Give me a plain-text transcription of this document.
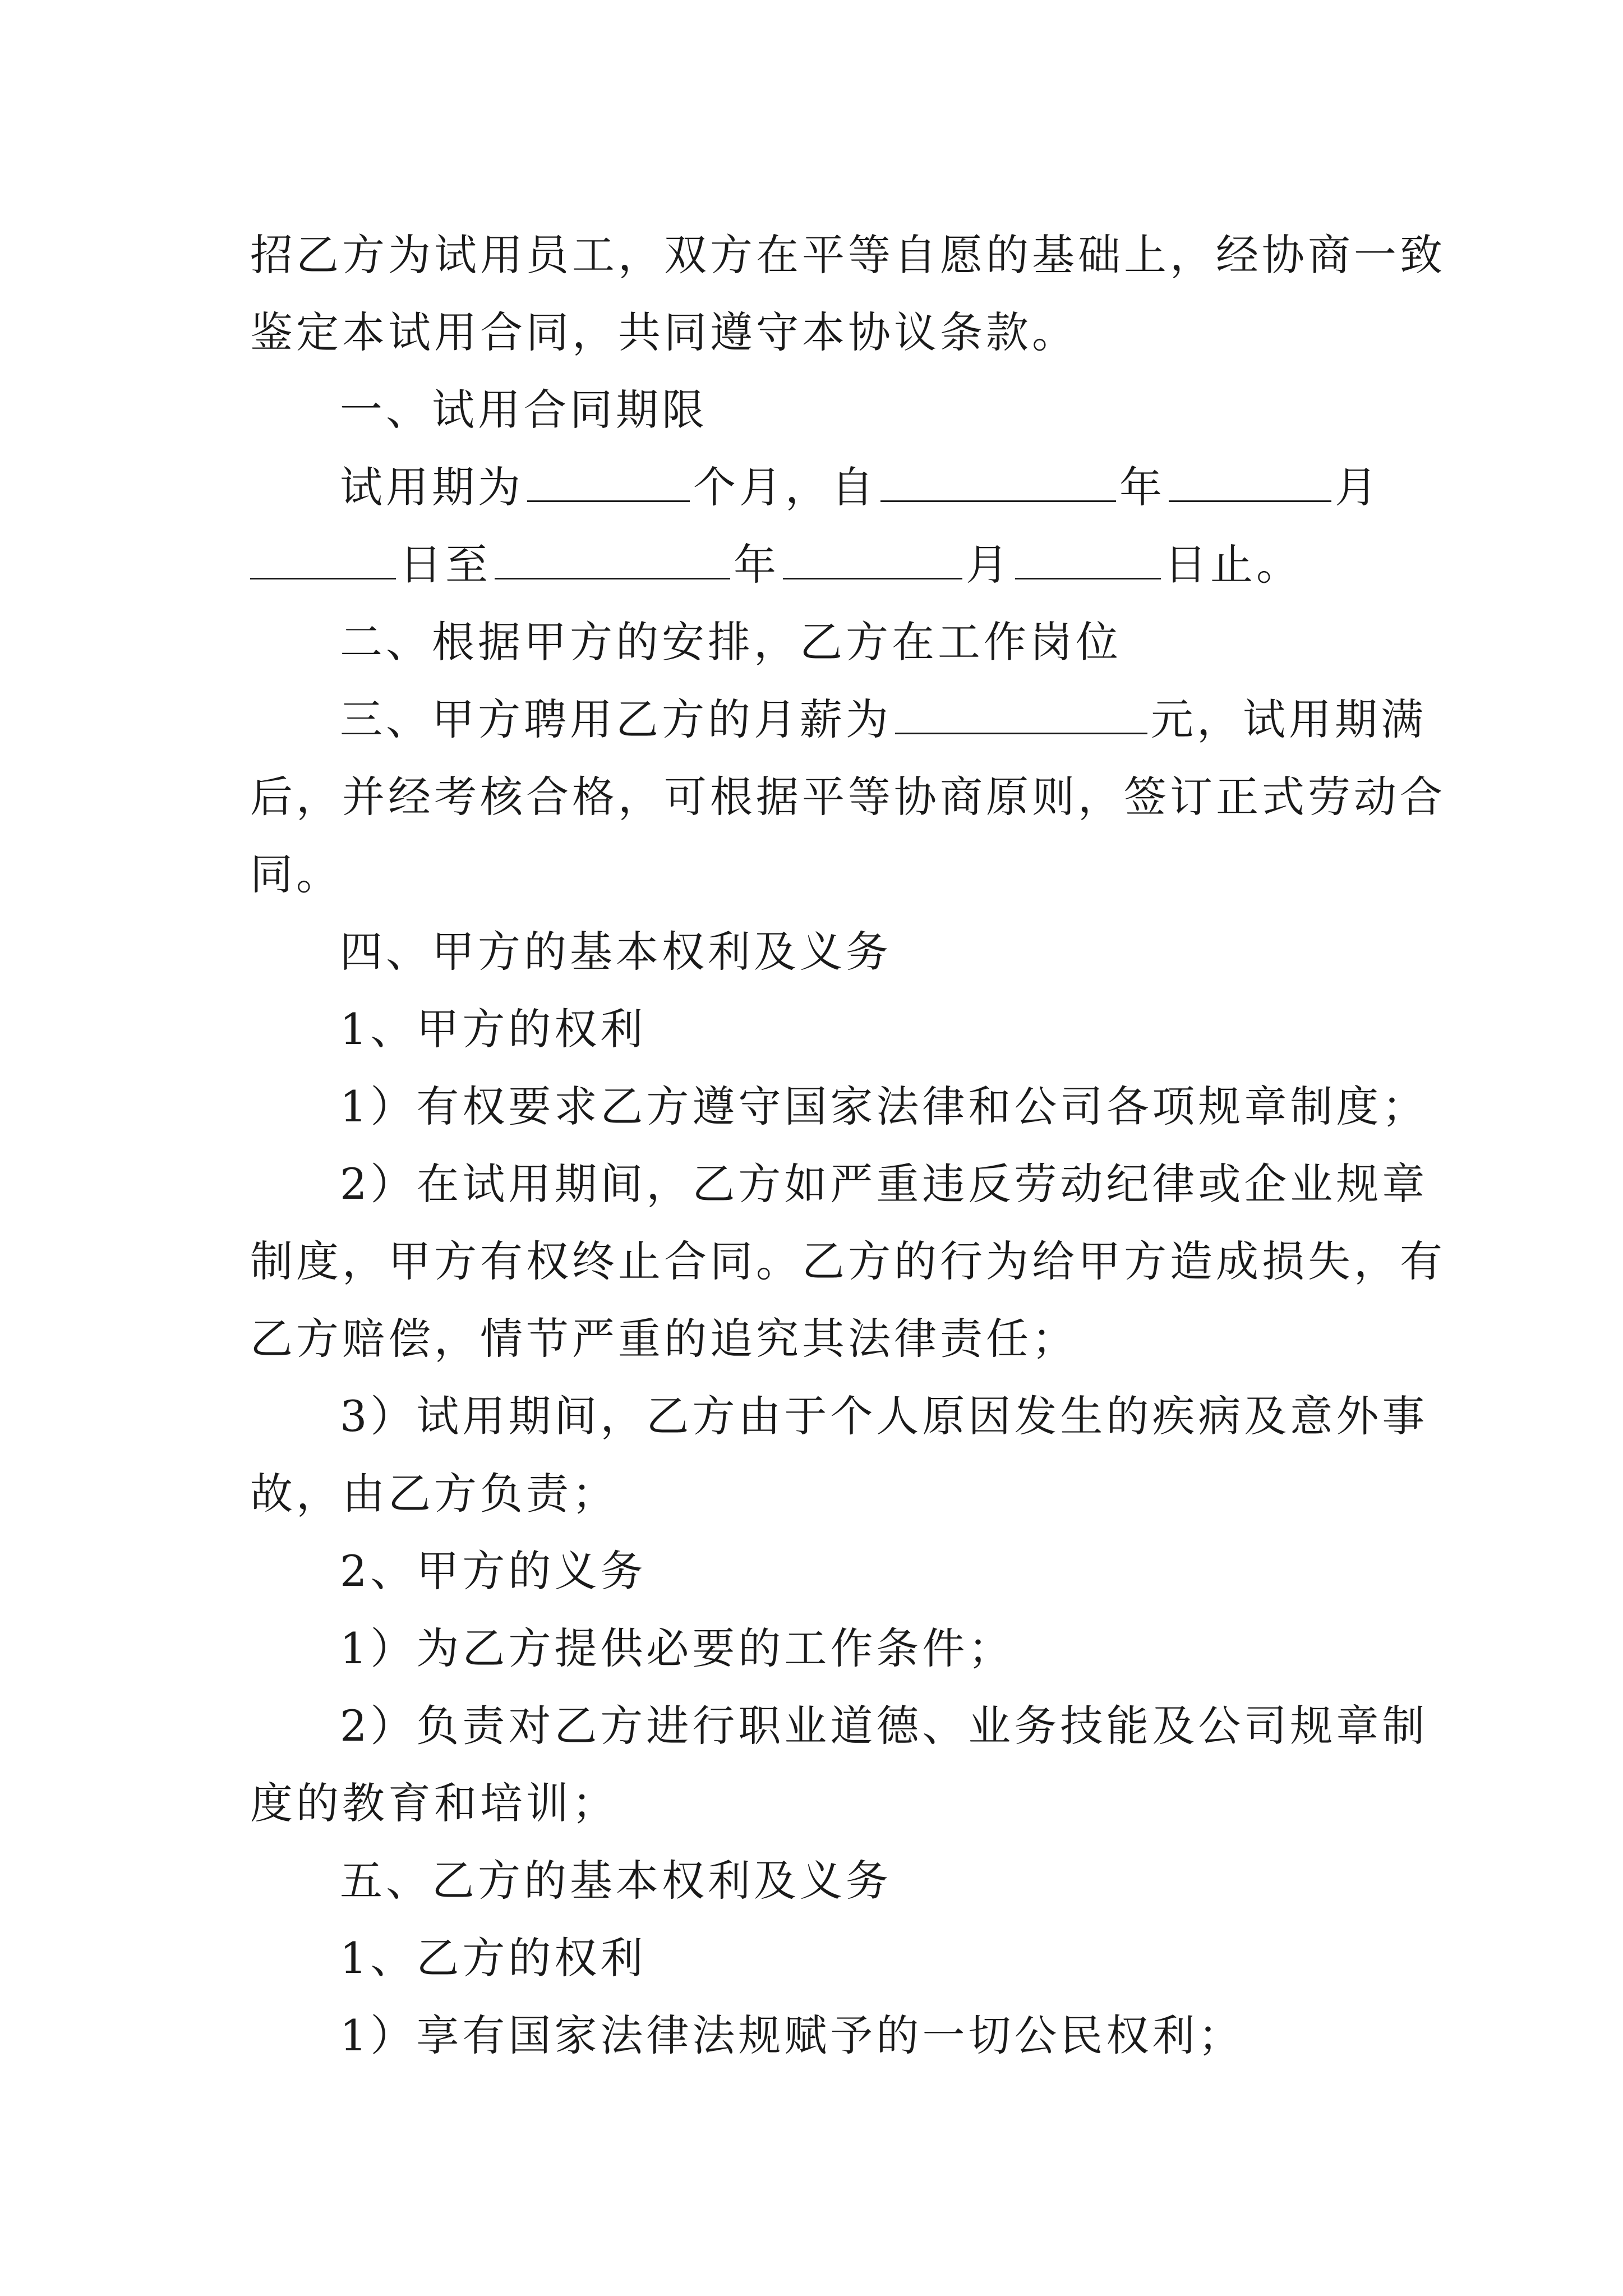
招乙方为试用员工，双方在平等自愿的基础上，经协商一致
鉴定本试用合同，共同遵守本协议条款。
一、试用合同期限
试用期为	个月，自	年	月
日至	年	月	日止。
二、根据甲方的安排，乙方在工作岗位
三、甲方聘用乙方的月薪为	元，试用期满
后，并经考核合格，可根据平等协商原则，签订正式劳动合
同。
四、甲方的基本权利及义务
1、甲方的权利
1）有权要求乙方遵守国家法律和公司各项规章制度；
2）在试用期间，乙方如严重违反劳动纪律或企业规章
制度，甲方有权终止合同。乙方的行为给甲方造成损失，有
乙方赔偿，情节严重的追究其法律责任；
3）试用期间，乙方由于个人原因发生的疾病及意外事
故，由乙方负责；
2、甲方的义务
1）为乙方提供必要的工作条件；
2）负责对乙方进行职业道德、业务技能及公司规章制
度的教育和培训；
五、乙方的基本权利及义务
1、乙方的权利
1）享有国家法律法规赋予的一切公民权利；
